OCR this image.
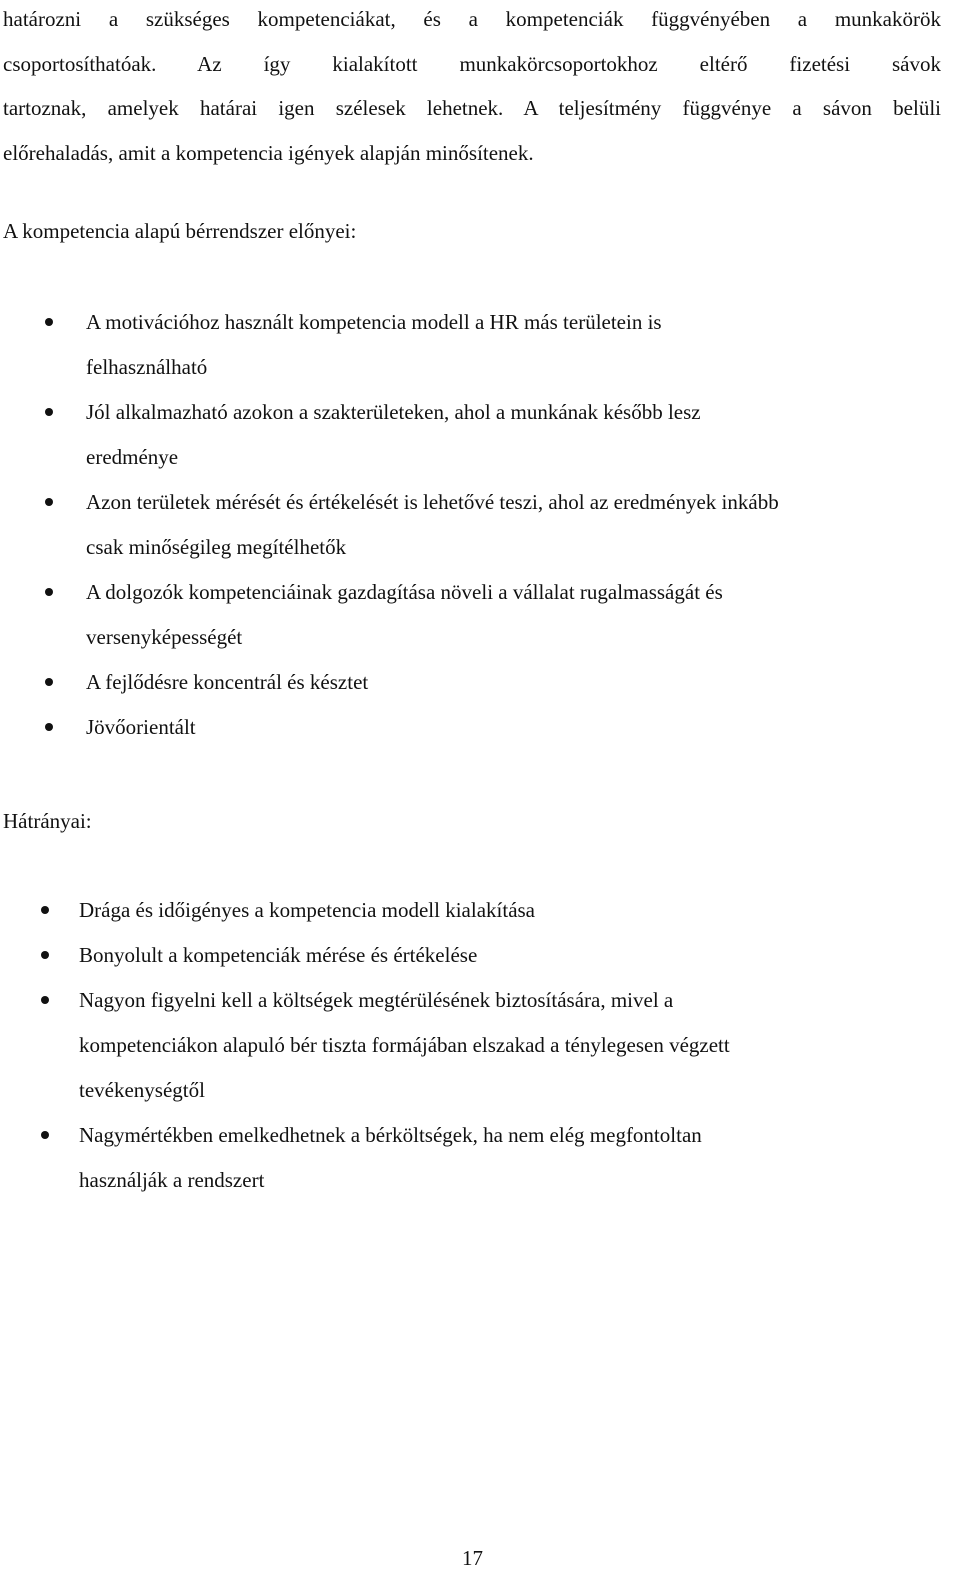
határozni a szükséges kompetenciákat, és a kompetenciák függvényében a munkakörök
csoportosíthatóak. Az így kialakított munkakörcsoportokhoz eltérő fizetési sávok
tartoznak, amelyek határai igen szélesek lehetnek. A teljesítmény függvénye a sávon belüli
előrehaladás, amit a kompetencia igények alapján minősítenek.

A kompetencia alapú bérrendszer előnyei:

A motivációhoz használt kompetencia modell a HR más területein is
felhasználható
Jól alkalmazható azokon a szakterületeken, ahol a munkának később lesz
eredménye
Azon területek mérését és értékelését is lehetővé teszi, ahol az eredmények inkább
csak minőségileg megítélhetők
A dolgozók kompetenciáinak gazdagítása növeli a vállalat rugalmasságát és
versenyképességét
A fejlődésre koncentrál és késztet
Jövőorientált

Hátrányai:

Drága és időigényes a kompetencia modell kialakítása
Bonyolult a kompetenciák mérése és értékelése
Nagyon figyelni kell a költségek megtérülésének biztosítására, mivel a
kompetenciákon alapuló bér tiszta formájában elszakad a ténylegesen végzett
tevékenységtől
Nagymértékben emelkedhetnek a bérköltségek, ha nem elég megfontoltan
használják a rendszert
17
